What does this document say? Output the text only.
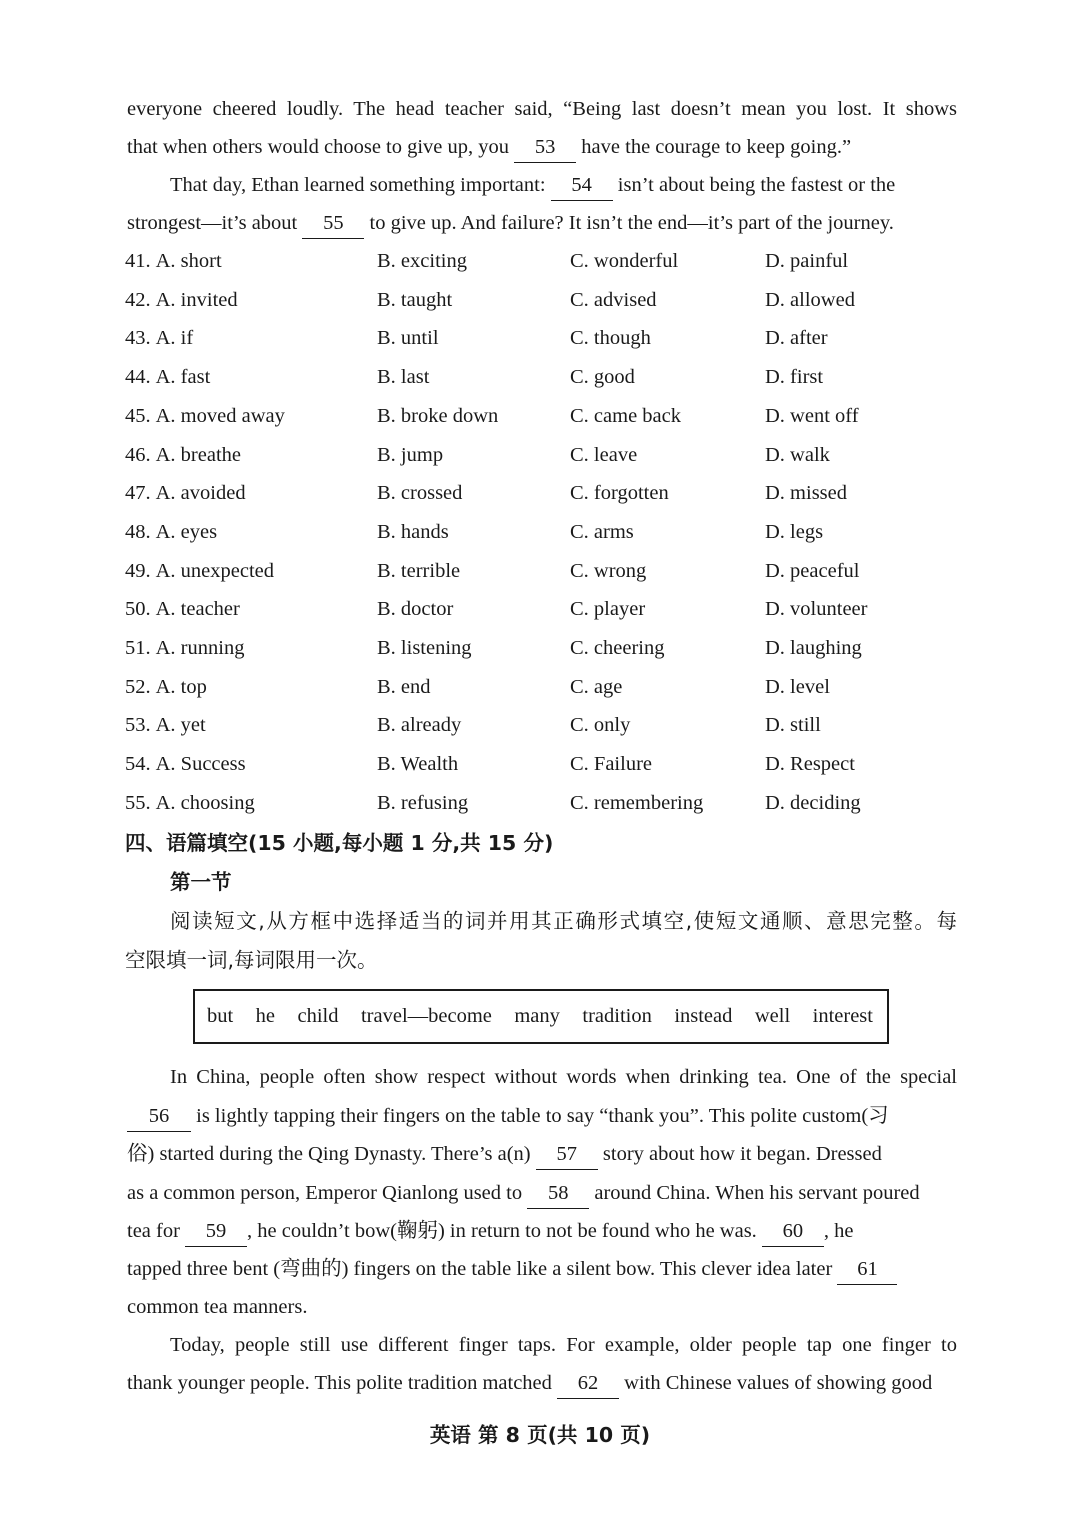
everyone cheered loudly. The head teacher said, “Being last doesn’t mean you lost. It shows
that when others would choose to give up, you 53 have the courage to keep going.”
That day, Ethan learned something important: 54 isn’t about being the fastest or the
strongest—it’s about 55 to give up. And failure? It isn’t the end—it’s part of the journey.
41. A. short	B. exciting	C. wonderful	D. painful
42. A. invited	B. taught	C. advised	D. allowed
43. A. if	B. until	C. though	D. after
44. A. fast	B. last	C. good	D. first
45. A. moved away	B. broke down	C. came back	D. went off
46. A. breathe	B. jump	C. leave	D. walk
47. A. avoided	B. crossed	C. forgotten	D. missed
48. A. eyes	B. hands	C. arms	D. legs
49. A. unexpected	B. terrible	C. wrong	D. peaceful
50. A. teacher	B. doctor	C. player	D. volunteer
51. A. running	B. listening	C. cheering	D. laughing
52. A. top	B. end	C. age	D. level
53. A. yet	B. already	C. only	D. still
54. A. Success	B. Wealth	C. Failure	D. Respect
55. A. choosing	B. refusing	C. remembering	D. deciding
四、语篇填空(15 小题,每小题 1 分,共 15 分)
第一节
阅读短文,从方框中选择适当的词并用其正确形式填空,使短文通顺、意思完整。每
空限填一词,每词限用一次。
but he child travel—become many tradition instead well interest
In China, people often show respect without words when drinking tea. One of the special
56 is lightly tapping their fingers on the table to say “thank you”. This polite custom(习
俗) started during the Qing Dynasty. There’s a(n) 57 story about how it began. Dressed
as a common person, Emperor Qianlong used to 58 around China. When his servant poured
tea for 59 , he couldn’t bow(鞠躬) in return to not be found who he was. 60 , he
tapped three bent (弯曲的) fingers on the table like a silent bow. This clever idea later 61
common tea manners.
Today, people still use different finger taps. For example, older people tap one finger to
thank younger people. This polite tradition matched 62 with Chinese values of showing good
英语 第 8 页(共 10 页)
